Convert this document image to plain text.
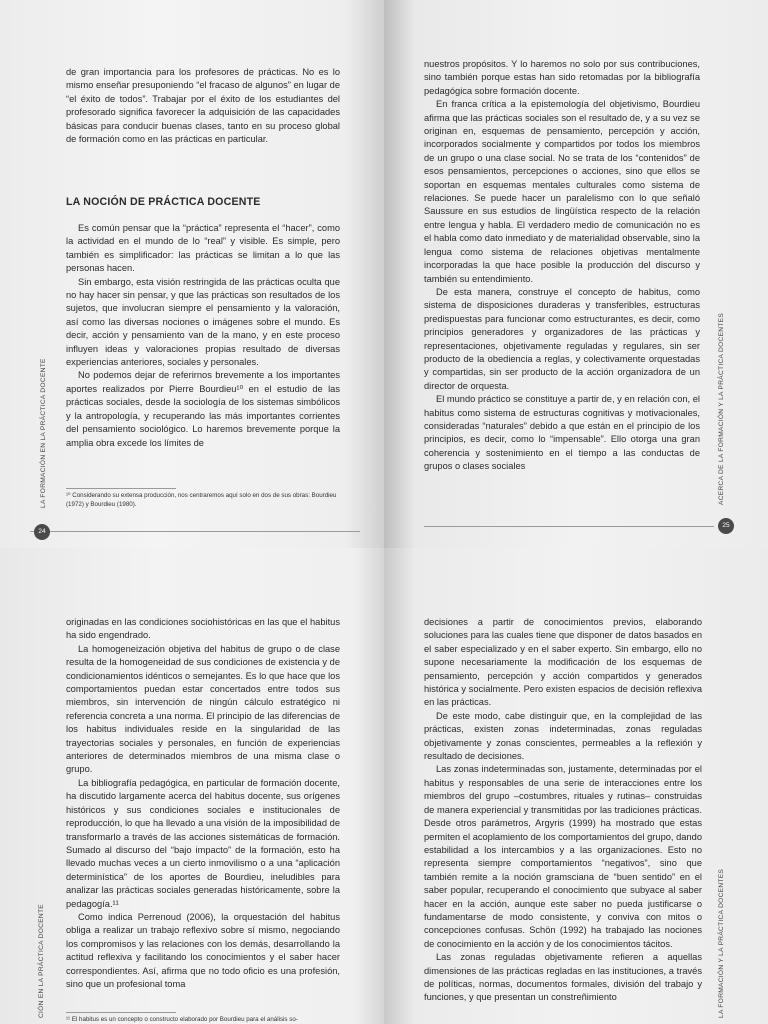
de gran importancia para los profesores de prácticas. No es lo mismo enseñar presuponiendo “el fracaso de algunos” en lugar de “el éxito de todos”. Trabajar por el éxito de los estudiantes del profesorado significa favorecer la adquisición de las capacidades básicas para conducir buenas clases, tanto en su proceso global de formación como en las prácticas en particular.

LA NOCIÓN DE PRÁCTICA DOCENTE

Es común pensar que la “práctica” representa el “hacer”, como la actividad en el mundo de lo “real” y visible. Es simple, pero también es simplificador: las prácticas se limitan a lo que las personas hacen.

Sin embargo, esta visión restringida de las prácticas oculta que no hay hacer sin pensar, y que las prácticas son resultados de los sujetos, que involucran siempre el pensamiento y la valoración, así como las diversas nociones o imágenes sobre el mundo. Es decir, acción y pensamiento van de la mano, y en este proceso influyen ideas y valoraciones propias resultado de diversas experiencias anteriores, sociales y personales.

No podemos dejar de referirnos brevemente a los importantes aportes realizados por Pierre Bourdieu¹⁰ en el estudio de las prácticas sociales, desde la sociología de los sistemas simbólicos y la antropología, y recuperando las más importantes corrientes del pensamiento sociológico. Lo haremos brevemente porque la amplia obra excede los límites de

¹⁰ Considerando su extensa producción, nos centraremos aquí solo en dos de sus obras: Bourdieu (1972) y Bourdieu (1980).
24
LA FORMACIÓN EN LA PRÁCTICA DOCENTE

nuestros propósitos. Y lo haremos no solo por sus contribuciones, sino también porque estas han sido retomadas por la bibliografía pedagógica sobre formación docente.

En franca crítica a la epistemología del objetivismo, Bourdieu afirma que las prácticas sociales son el resultado de, y a su vez se originan en, esquemas de pensamiento, percepción y acción, incorporados socialmente y compartidos por todos los miembros de un grupo o una clase social. No se trata de los “contenidos” de esos pensamientos, percepciones o acciones, sino que ellos se soportan en esquemas mentales culturales como sistema de relaciones. Se puede hacer un paralelismo con lo que señaló Saussure en sus estudios de lingüística respecto de la relación entre lengua y habla. El verdadero medio de comunicación no es el habla como dato inmediato y de materialidad observable, sino la lengua como sistema de relaciones objetivas mentalmente incorporadas la que hace posible la producción del discurso y también su entendimiento.

De esta manera, construye el concepto de habitus, como sistema de disposiciones duraderas y transferibles, estructuras predispuestas para funcionar como estructurantes, es decir, como principios generadores y organizadores de las prácticas y representaciones, objetivamente reguladas y regulares, sin ser producto de la obediencia a reglas, y colectivamente orquestadas y compartidas, sin ser producto de la acción organizadora de un director de orquesta.

El mundo práctico se constituye a partir de, y en relación con, el habitus como sistema de estructuras cognitivas y motivacionales, consideradas “naturales” debido a que están en el principio de los principios, es decir, como lo “impensable”. Ello otorga una gran coherencia y sostenimiento en el tiempo a las conductas de grupos o clases sociales

25
ACERCA DE LA FORMACIÓN Y LA PRÁCTICA DOCENTES

originadas en las condiciones sociohistóricas en las que el habitus ha sido engendrado.

La homogeneización objetiva del habitus de grupo o de clase resulta de la homogeneidad de sus condiciones de existencia y de condicionamientos idénticos o semejantes. Es lo que hace que los comportamientos puedan estar concertados entre todos sus miembros, sin intervención de ningún cálculo estratégico ni referencia concreta a una norma. El principio de las diferencias de los habitus individuales reside en la singularidad de las trayectorias sociales y personales, en función de experiencias anteriores de determinados miembros de una misma clase o grupo.

La bibliografía pedagógica, en particular de formación docente, ha discutido largamente acerca del habitus docente, sus orígenes históricos y sus condiciones sociales e institucionales de reproducción, lo que ha llevado a una visión de la imposibilidad de transformarlo a través de las acciones sistemáticas de formación. Sumado al discurso del “bajo impacto” de la formación, esto ha llevado muchas veces a un cierto inmovilismo o a una “aplicación determinística” de los aportes de Bourdieu, ineludibles para analizar las prácticas sociales generadas históricamente, sobre la pedagogía.¹¹

Como indica Perrenoud (2006), la orquestación del habitus obliga a realizar un trabajo reflexivo sobre sí mismo, negociando los compromisos y las relaciones con los demás, desarrollando la actitud reflexiva y facilitando los conocimientos y el saber hacer correspondientes. Así, afirma que no todo oficio es una profesión, sino que un profesional toma

¹¹ El habitus es un concepto o constructo elaborado por Bourdieu para el análisis so-
CIÓN EN LA PRÁCTICA DOCENTE

decisiones a partir de conocimientos previos, elaborando soluciones para las cuales tiene que disponer de datos basados en el saber especializado y en el saber experto. Sin embargo, ello no supone necesariamente la modificación de los esquemas de pensamiento, percepción y acción compartidos y generados histórica y socialmente. Pero existen espacios de decisión reflexiva en las prácticas.

De este modo, cabe distinguir que, en la complejidad de las prácticas, existen zonas indeterminadas, zonas reguladas objetivamente y zonas conscientes, permeables a la reflexión y resultado de decisiones.

Las zonas indeterminadas son, justamente, determinadas por el habitus y responsables de una serie de interacciones entre los miembros del grupo –costumbres, rituales y rutinas– construidas de manera experiencial y transmitidas por las tradiciones prácticas. Desde otros parámetros, Argyris (1999) ha mostrado que estas permiten el acoplamiento de los comportamientos del grupo, dando estabilidad a los intercambios y a las organizaciones. Esto no representa siempre comportamientos “negativos”, sino que también remite a la noción gramsciana de “buen sentido” en el saber popular, recuperando el conocimiento que subyace al saber hacer en la acción, aunque este saber no pueda justificarse o fundamentarse de modo consistente, y conviva con mitos o concepciones confusas. Schön (1992) ha trabajado las nociones de conocimiento en la acción y de los conocimientos tácitos.

Las zonas reguladas objetivamente refieren a aquellas dimensiones de las prácticas regladas en las instituciones, a través de políticas, normas, documentos formales, división del trabajo y funciones, y que presentan un constreñimiento	LA FORMACIÓN Y LA PRÁCTICA DOCENTES
